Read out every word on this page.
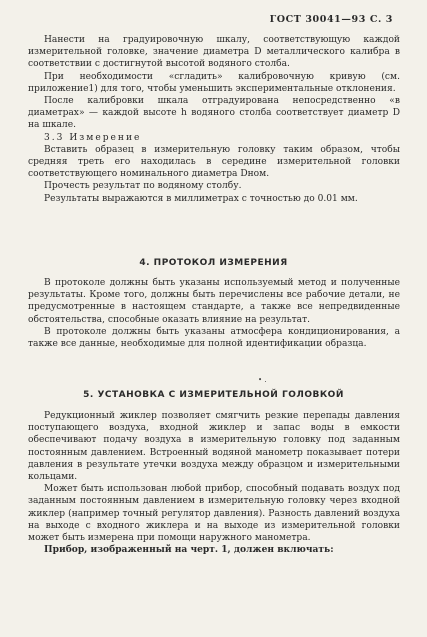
ГОСТ 30041—93 С. 3

Нанести на градуировочную шкалу, соответствующую каждой измерительной головке, значение диаметра D металлического калибра в соответствии с достигнутой высотой водяного столба.

При необходимости «сгладить» калибровочную кривую (см. приложение1) для того, чтобы уменьшить экспериментальные отклонения.

После калибровки шкала отградуирована непосредственно «в диаметрах» — каждой высоте h водяного столба соответствует диаметр D на шкале.

3.3 Измерение

Вставить образец в измерительную головку таким образом, чтобы средняя треть его находилась в середине измерительной головки соответствующего номинального диаметра Dном.

Прочесть результат по водяному столбу.

Результаты выражаются в миллиметрах с точностью до 0.01 мм.

4. ПРОТОКОЛ ИЗМЕРЕНИЯ

В протоколе должны быть указаны используемый метод и полученные результаты. Кроме того, должны быть перечислены все рабочие детали, не предусмотренные в настоящем стандарте, а также все непредвиденные обстоятельства, способные оказать влияние на результат.

В протоколе должны быть указаны атмосфера кондиционирования, а также все данные, необходимые для полной идентификации образца.

• .
5. УСТАНОВКА С ИЗМЕРИТЕЛЬНОЙ ГОЛОВКОЙ

Редукционный жиклер позволяет смягчить резкие перепады давления поступающего воздуха, входной жиклер и запас воды в емкости обеспечивают подачу воздуха в измерительную головку под заданным постоянным давлением. Встроенный водяной манометр показывает потери давления в результате утечки воздуха между образцом и измерительными кольцами.

Может быть использован любой прибор, способный подавать воздух под заданным постоянным давлением в измерительную головку через входной жиклер (например точный регулятор давления). Разность давлений воздуха на выходе с входного жиклера и на выходе из измерительной головки может быть измерена при помощи наружного манометра.

Прибор, изображенный на черт. 1, должен включать:
